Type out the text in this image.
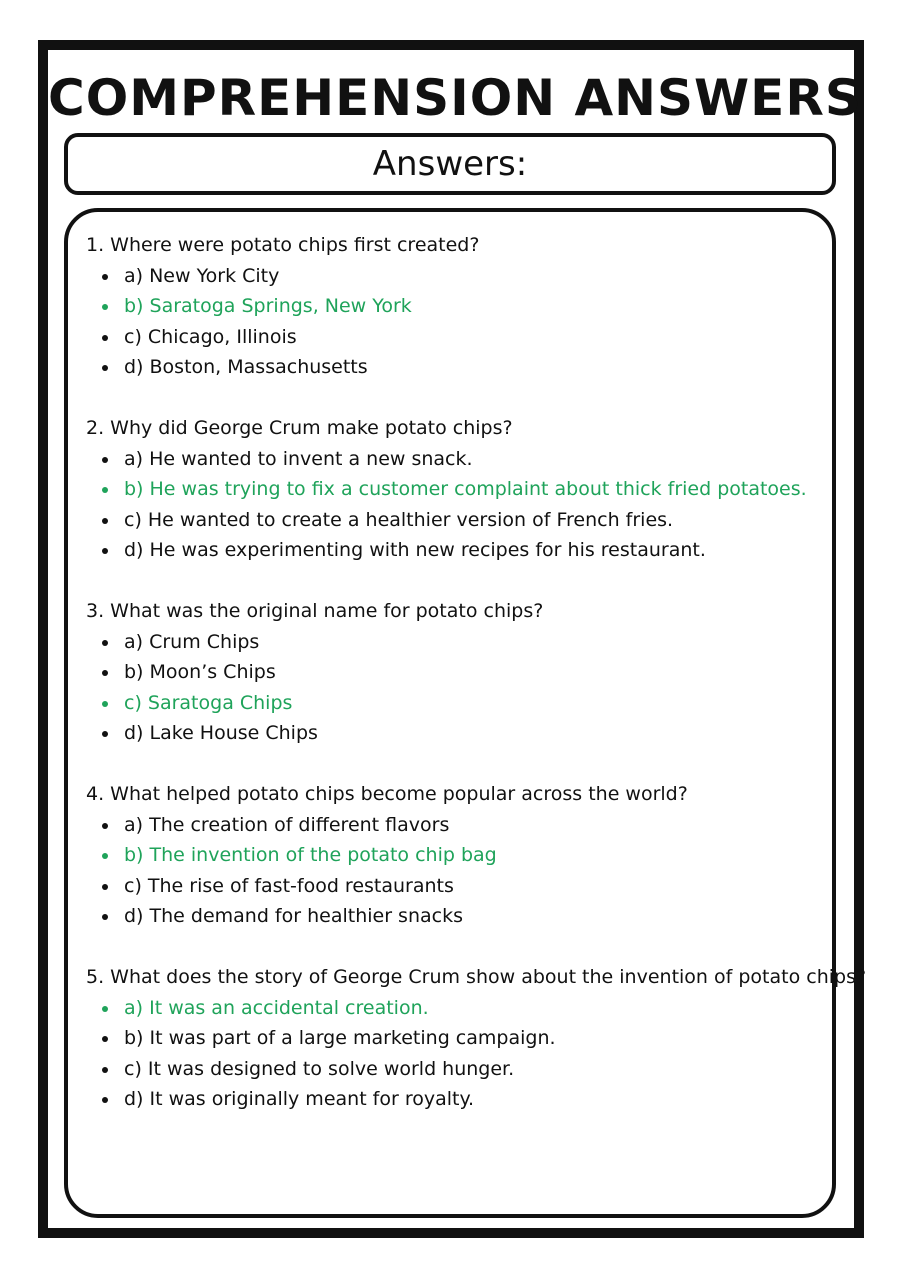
COMPREHENSION ANSWERS
Answers:

1. Where were potato chips first created?

a) New York City
b) Saratoga Springs, New York
c) Chicago, Illinois
d) Boston, Massachusetts

2. Why did George Crum make potato chips?

a) He wanted to invent a new snack.
b) He was trying to fix a customer complaint about thick fried potatoes.
c) He wanted to create a healthier version of French fries.
d) He was experimenting with new recipes for his restaurant.

3. What was the original name for potato chips?

a) Crum Chips
b) Moon’s Chips
c) Saratoga Chips
d) Lake House Chips

4. What helped potato chips become popular across the world?

a) The creation of different flavors
b) The invention of the potato chip bag
c) The rise of fast-food restaurants
d) The demand for healthier snacks

5. What does the story of George Crum show about the invention of potato chips?

a) It was an accidental creation.
b) It was part of a large marketing campaign.
c) It was designed to solve world hunger.
d) It was originally meant for royalty.
